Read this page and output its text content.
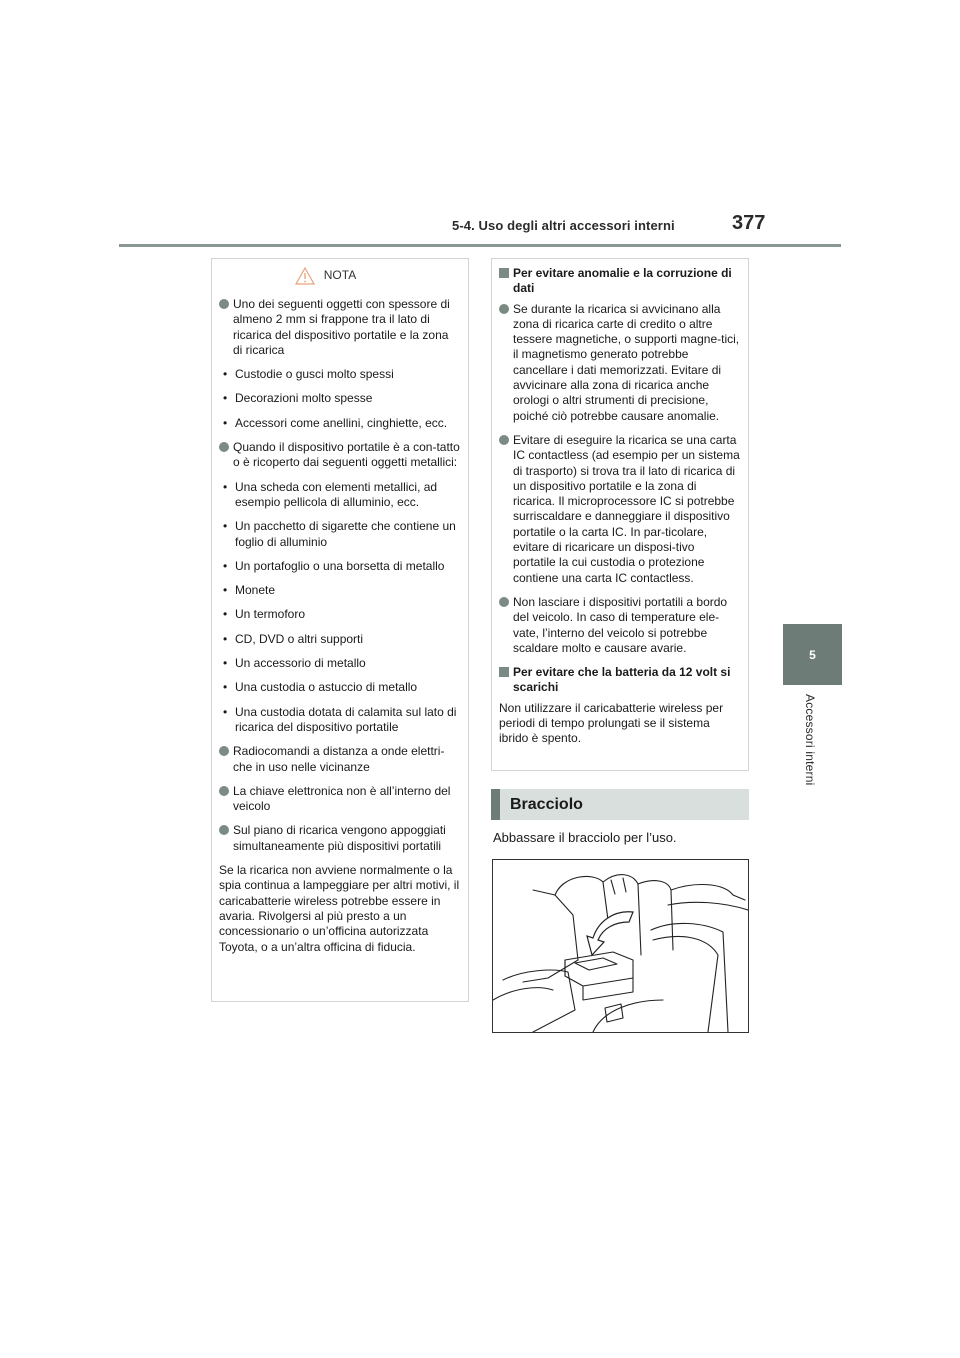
5-4. Uso degli altri accessori interni	377
5
Accessori interni
NOTA
Uno dei seguenti oggetti con spessore di almeno 2 mm si frappone tra il lato di ricarica del dispositivo portatile e la zona di ricarica
• Custodie o gusci molto spessi
• Decorazioni molto spesse
• Accessori come anellini, cinghiette, ecc.
Quando il dispositivo portatile è a con-tatto o è ricoperto dai seguenti oggetti metallici:
• Una scheda con elementi metallici, ad esempio pellicola di alluminio, ecc.
• Un pacchetto di sigarette che contiene un foglio di alluminio
• Un portafoglio o una borsetta di metallo
• Monete
• Un termoforo
• CD, DVD o altri supporti
• Un accessorio di metallo
• Una custodia o astuccio di metallo
• Una custodia dotata di calamita sul lato di ricarica del dispositivo portatile
Radiocomandi a distanza a onde elettri-che in uso nelle vicinanze
La chiave elettronica non è all’interno del veicolo
Sul piano di ricarica vengono appoggiati simultaneamente più dispositivi portatili

Se la ricarica non avviene normalmente o la spia continua a lampeggiare per altri motivi, il caricabatterie wireless potrebbe essere in avaria. Rivolgersi al più presto a un concessionario o un’officina autorizzata Toyota, o a un’altra officina di fiducia.

Per evitare anomalie e la corruzione di dati
Se durante la ricarica si avvicinano alla zona di ricarica carte di credito o altre tessere magnetiche, o supporti magne-tici, il magnetismo generato potrebbe cancellare i dati memorizzati. Evitare di avvicinare alla zona di ricarica anche orologi o altri strumenti di precisione, poiché ciò potrebbe causare anomalie.
Evitare di eseguire la ricarica se una carta IC contactless (ad esempio per un sistema di trasporto) si trova tra il lato di ricarica di un dispositivo portatile e la zona di ricarica. Il microprocessore IC si potrebbe surriscaldare e danneggiare il dispositivo portatile o la carta IC. In par-ticolare, evitare di ricaricare un disposi-tivo portatile la cui custodia o protezione contiene una carta IC contactless.
Non lasciare i dispositivi portatili a bordo del veicolo. In caso di temperature ele-vate, l’interno del veicolo si potrebbe scaldare molto e causare avarie.
Per evitare che la batteria da 12 volt si scarichi

Non utilizzare il caricabatterie wireless per periodi di tempo prolungati se il sistema ibrido è spento.

Bracciolo
Abbassare il bracciolo per l’uso.
